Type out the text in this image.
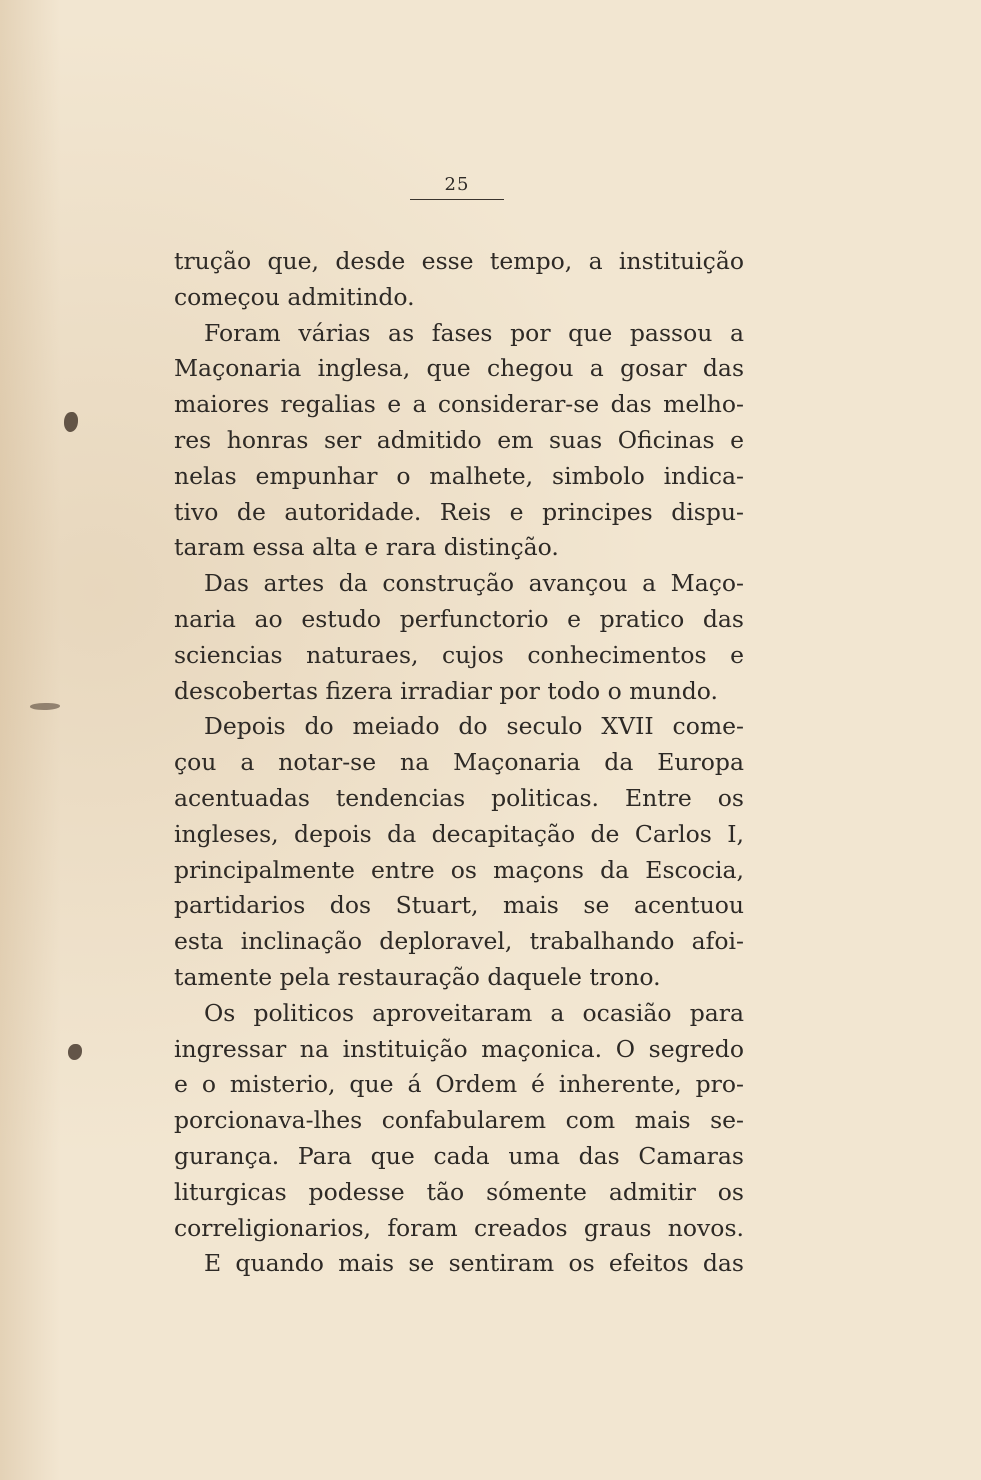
25
trução que, desde esse tempo, a instituição
começou admitindo.
Foram várias as fases por que passou a
Maçonaria inglesa, que chegou a gosar das
maiores regalias e a considerar-se das melho-
res honras ser admitido em suas Oficinas e
nelas empunhar o malhete, simbolo indica-
tivo de autoridade. Reis e principes dispu-
taram essa alta e rara distinção.
Das artes da construção avançou a Maço-
naria ao estudo perfunctorio e pratico das
sciencias naturaes, cujos conhecimentos e
descobertas fizera irradiar por todo o mundo.
Depois do meiado do seculo XVII come-
çou a notar-se na Maçonaria da Europa
acentuadas tendencias politicas. Entre os
ingleses, depois da decapitação de Carlos I,
principalmente entre os maçons da Escocia,
partidarios dos Stuart, mais se acentuou
esta inclinação deploravel, trabalhando afoi-
tamente pela restauração daquele trono.
Os politicos aproveitaram a ocasião para
ingressar na instituição maçonica. O segredo
e o misterio, que á Ordem é inherente, pro-
porcionava-lhes confabularem com mais se-
gurança. Para que cada uma das Camaras
liturgicas podesse tão sómente admitir os
correligionarios, foram creados graus novos.
E quando mais se sentiram os efeitos das
